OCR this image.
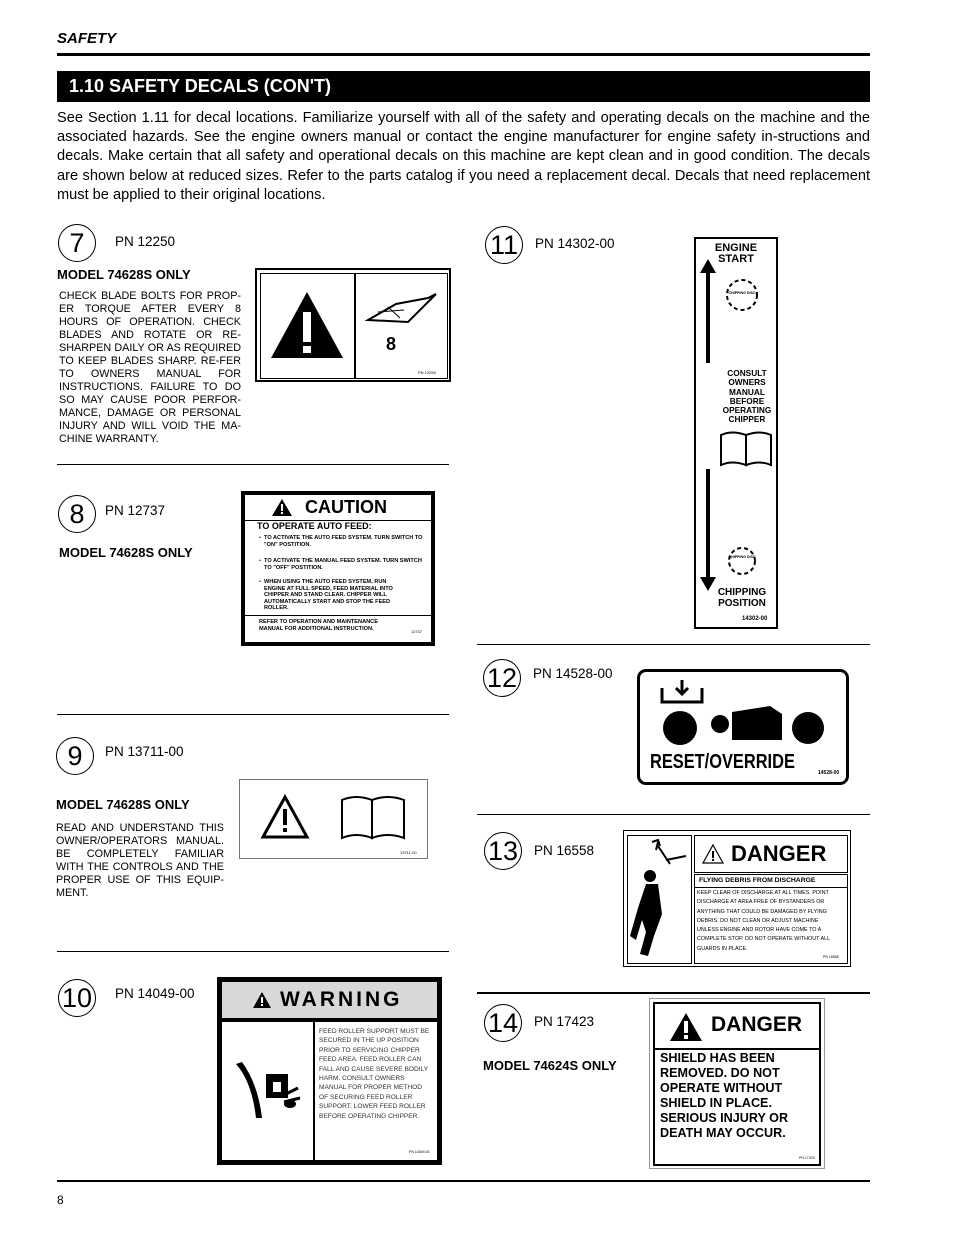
SAFETY
1.10 SAFETY DECALS (CON'T)
See Section 1.11 for decal locations. Familiarize yourself with all of the safety and operating decals on the machine and the associated hazards. See the engine owners manual or contact the engine manufacturer for engine safety in-structions and decals. Make certain that all safety and operational decals on this machine are kept clean and in good condition. The decals are shown below at reduced sizes. Refer to the parts catalog if you need a replacement decal. Decals that need replacement must be applied to their original locations.
7	PN 12250
MODEL 74628S ONLY
CHECK BLADE BOLTS FOR PROP-ER TORQUE AFTER EVERY 8 HOURS OF OPERATION. CHECK BLADES AND ROTATE OR RE-SHARPEN DAILY OR AS REQUIRED TO KEEP BLADES SHARP. RE-FER TO OWNERS MANUAL FOR INSTRUCTIONS. FAILURE TO DO SO MAY CAUSE POOR PERFOR-MANCE, DAMAGE OR PERSONAL INJURY AND WILL VOID THE MA-CHINE WARRANTY.
8
PN 12250
8	PN 12737
MODEL 74628S ONLY
CAUTION
TO OPERATE AUTO FEED:
• TO ACTIVATE THE AUTO FEED SYSTEM. TURN SWITCH TO "ON" POSTITION.
• TO ACTIVATE THE MANUAL FEED SYSTEM. TURN SWITCH TO "OFF" POSTITION.
• WHEN USING THE AUTO FEED SYSTEM, RUN ENGINE AT FULL SPEED, FEED MATERIAL INTO CHIPPER AND STAND CLEAR. CHIPPER WILL AUTOMATICALLY START AND STOP THE FEED ROLLER.
REFER TO OPERATION AND MAINTENANCE MANUAL FOR ADDITIONAL INSTRUCTION.	12737
9	PN 13711-00
MODEL 74628S ONLY
READ AND UNDERSTAND THIS OWNER/OPERATORS MANUAL. BE COMPLETELY FAMILIAR WITH THE CONTROLS AND THE PROPER USE OF THIS EQUIP-MENT.
13711-00
10 PN 14049-00	WARNING
FEED ROLLER SUPPORT MUST BE SECURED IN THE UP POSITION PRIOR TO SERVICING CHIPPER FEED AREA. FEED ROLLER CAN FALL AND CAUSE SEVERE BODILY HARM. CONSULT OWNERS MANUAL FOR PROPER METHOD OF SECURING FEED ROLLER SUPPORT. LOWER FEED ROLLER BEFORE OPERATING CHIPPER.
PN 14049-00
11	PN 14302-00	ENGINE START
CHIPPING DISC
CONSULT OWNERS MANUAL BEFORE OPERATING CHIPPER
CHIPPING DISC
CHIPPING POSITION
14302-00
12 PN 14528-00
RESET/OVERRIDE	14528-00
13 PN 16558	DANGER
FLYING DEBRIS FROM DISCHARGE
KEEP CLEAR OF DISCHARGE AT ALL TIMES. POINT DISCHARGE AT AREA FREE OF BYSTANDERS OR ANYTHING THAT COULD BE DAMAGED BY FLYING DEBRIS. DO NOT CLEAN OR ADJUST MACHINE UNLESS ENGINE AND ROTOR HAVE COME TO A COMPLETE STOP. DO NOT OPERATE WITHOUT ALL GUARDS IN PLACE.
PN 16558
14 PN 17423
MODEL 74624S ONLY
DANGER
SHIELD HAS BEEN REMOVED. DO NOT OPERATE WITHOUT SHIELD IN PLACE. SERIOUS INJURY OR DEATH MAY OCCUR.
PN 17423
8
